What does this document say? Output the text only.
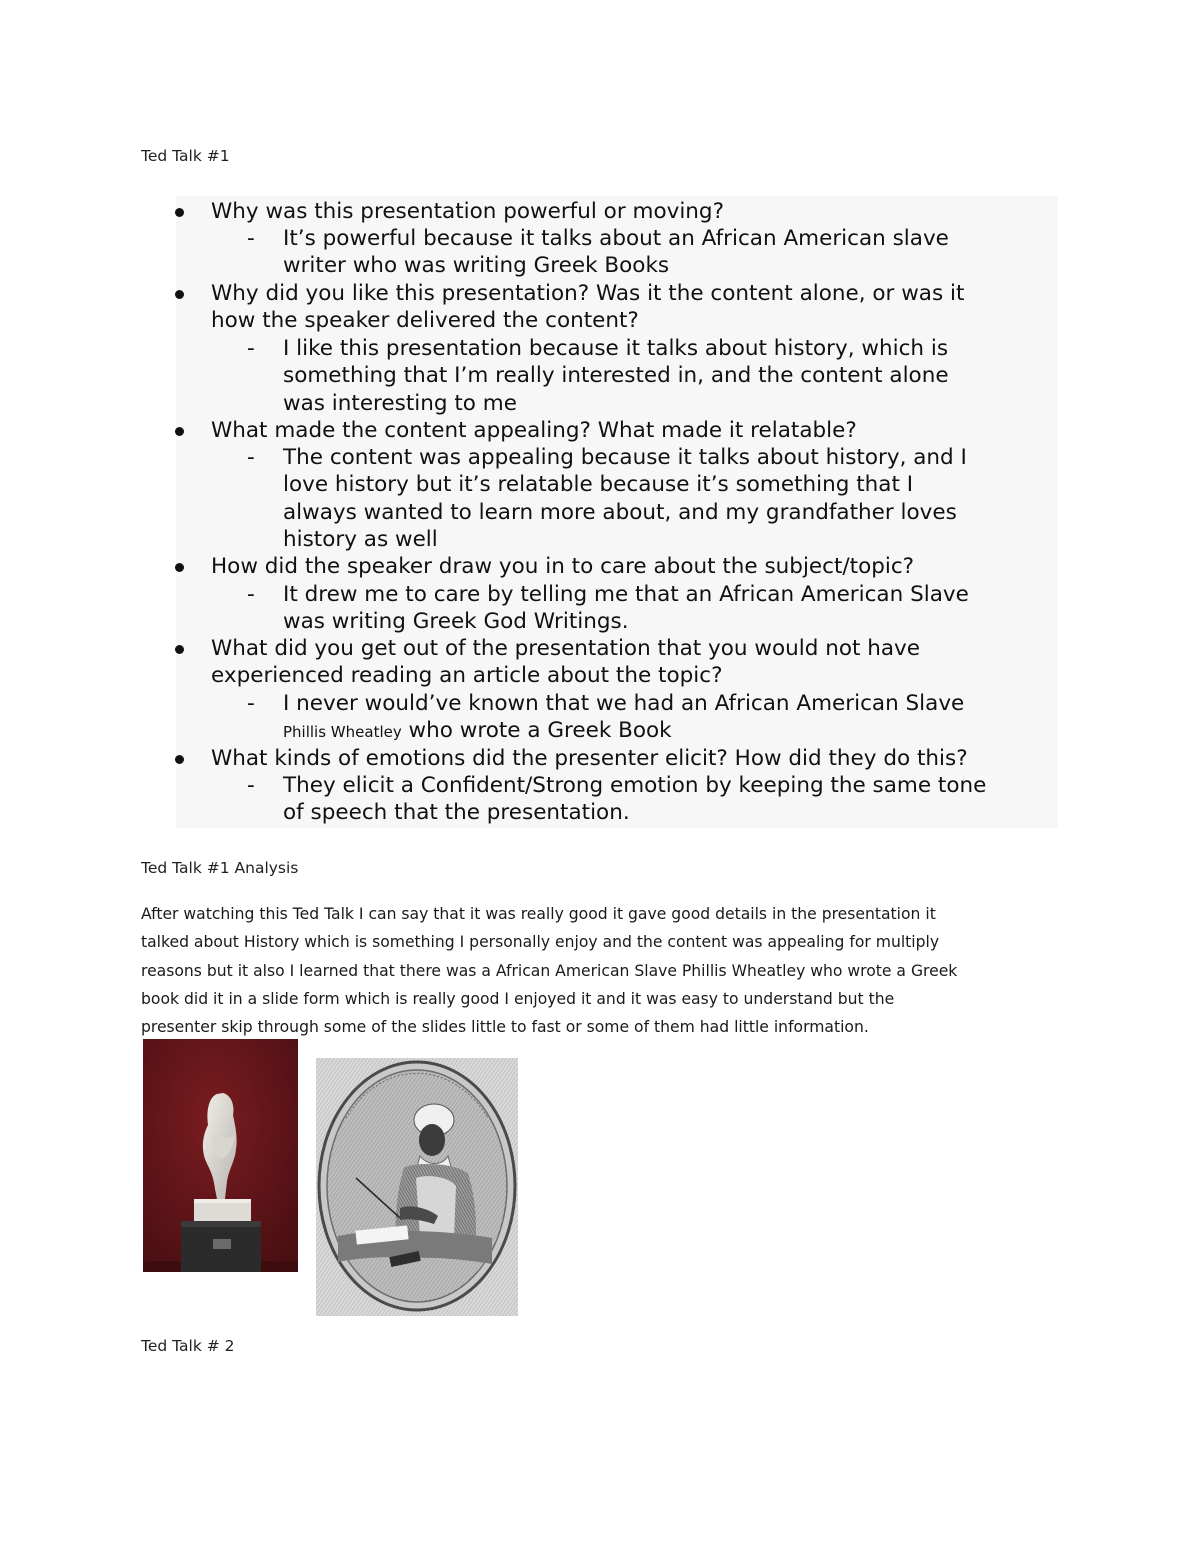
Ted Talk #1
Why was this presentation powerful or moving?
- It’s powerful because it talks about an African American slave
writer who was writing Greek Books
Why did you like this presentation? Was it the content alone, or was it
how the speaker delivered the content?
- I like this presentation because it talks about history, which is
something that I’m really interested in, and the content alone
was interesting to me
What made the content appealing? What made it relatable?
- The content was appealing because it talks about history, and I
love history but it’s relatable because it’s something that I
always wanted to learn more about, and my grandfather loves
history as well
How did the speaker draw you in to care about the subject/topic?
- It drew me to care by telling me that an African American Slave
was writing Greek God Writings.
What did you get out of the presentation that you would not have
experienced reading an article about the topic?
- I never would’ve known that we had an African American Slave
Phillis Wheatley who wrote a Greek Book
What kinds of emotions did the presenter elicit? How did they do this?
- They elicit a Confident/Strong emotion by keeping the same tone
of speech that the presentation.
Ted Talk #1 Analysis
After watching this Ted Talk I can say that it was really good it gave good details in the presentation it
talked about History which is something I personally enjoy and the content was appealing for multiply
reasons but it also I learned that there was a African American Slave Phillis Wheatley who wrote a Greek
book did it in a slide form which is really good I enjoyed it and it was easy to understand but the
presenter skip through some of the slides little to fast or some of them had little information.
Ted Talk # 2
